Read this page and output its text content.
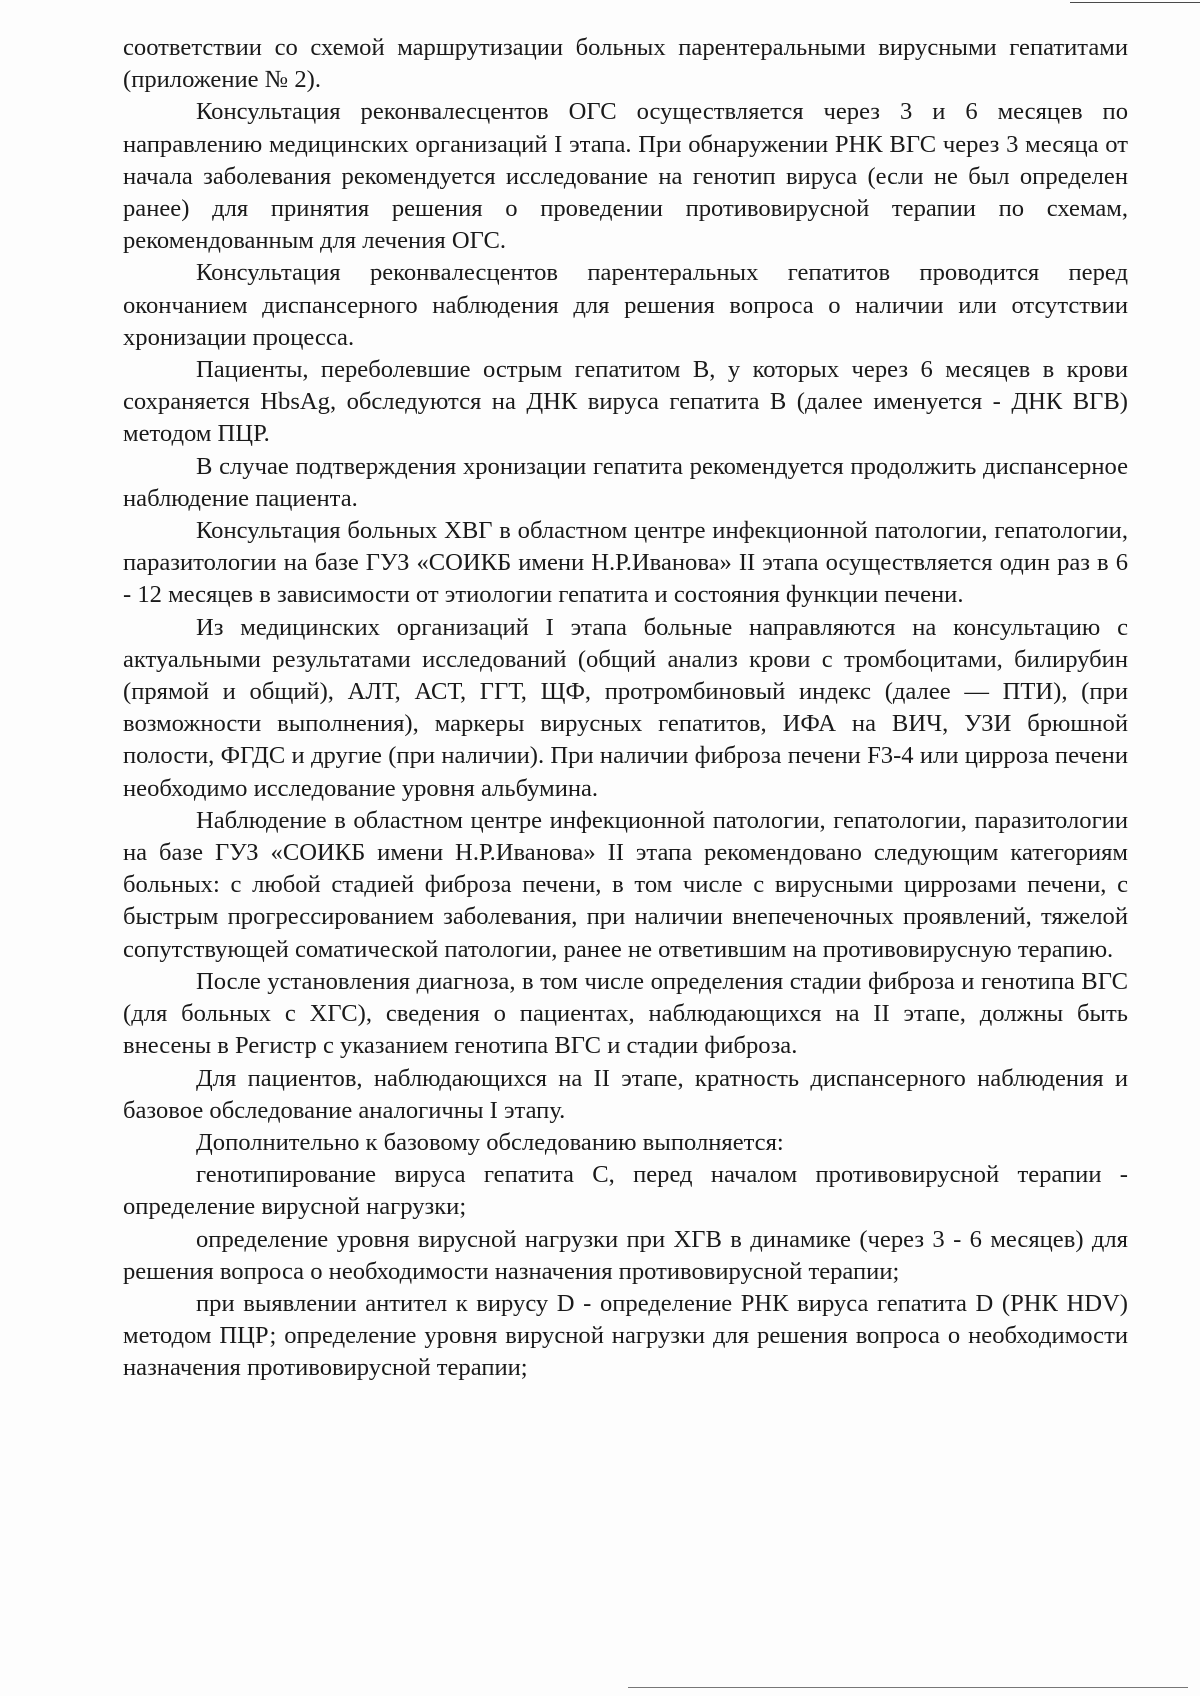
соответствии со схемой маршрутизации больных парентеральными вирусными гепатитами (приложение № 2).

Консультация реконвалесцентов ОГС осуществляется через 3 и 6 месяцев по направлению медицинских организаций I этапа. При обнаружении РНК ВГС через 3 месяца от начала заболевания рекомендуется исследование на генотип вируса (если не был определен ранее) для принятия решения о проведении противовирусной терапии по схемам, рекомендованным для лечения ОГС.

Консультация реконвалесцентов парентеральных гепатитов проводится перед окончанием диспансерного наблюдения для решения вопроса о наличии или отсутствии хронизации процесса.

Пациенты, переболевшие острым гепатитом В, у которых через 6 месяцев в крови сохраняется HbsAg, обследуются на ДНК вируса гепатита В (далее именуется - ДНК ВГВ) методом ПЦР.

В случае подтверждения хронизации гепатита рекомендуется продолжить диспансерное наблюдение пациента.

Консультация больных ХВГ в областном центре инфекционной патологии, гепатологии, паразитологии на базе ГУЗ «СОИКБ имени Н.Р.Иванова» II этапа осуществляется один раз в 6 - 12 месяцев в зависимости от этиологии гепатита и состояния функции печени.

Из медицинских организаций I этапа больные направляются на консультацию с актуальными результатами исследований (общий анализ крови с тромбоцитами, билирубин (прямой и общий), АЛТ, АСТ, ГГТ, ЩФ, протромбиновый индекс (далее — ПТИ), (при возможности выполнения), маркеры вирусных гепатитов, ИФА на ВИЧ, УЗИ брюшной полости, ФГДС и другие (при наличии). При наличии фиброза печени F3-4 или цирроза печени необходимо исследование уровня альбумина.

Наблюдение в областном центре инфекционной патологии, гепатологии, паразитологии на базе ГУЗ «СОИКБ имени Н.Р.Иванова» II этапа рекомендовано следующим категориям больных: с любой стадией фиброза печени, в том числе с вирусными циррозами печени, с быстрым прогрессированием заболевания, при наличии внепеченочных проявлений, тяжелой сопутствующей соматической патологии, ранее не ответившим на противовирусную терапию.

После установления диагноза, в том числе определения стадии фиброза и генотипа ВГС (для больных с ХГС), сведения о пациентах, наблюдающихся на II этапе, должны быть внесены в Регистр с указанием генотипа ВГС и стадии фиброза.

Для пациентов, наблюдающихся на II этапе, кратность диспансерного наблюдения и базовое обследование аналогичны I этапу.

Дополнительно к базовому обследованию выполняется:

генотипирование вируса гепатита С, перед началом противовирусной терапии - определение вирусной нагрузки;

определение уровня вирусной нагрузки при ХГВ в динамике (через 3 - 6 месяцев) для решения вопроса о необходимости назначения противовирусной терапии;

при выявлении антител к вирусу D - определение РНК вируса гепатита D (РНК HDV) методом ПЦР; определение уровня вирусной нагрузки для решения вопроса о необходимости назначения противовирусной терапии;
